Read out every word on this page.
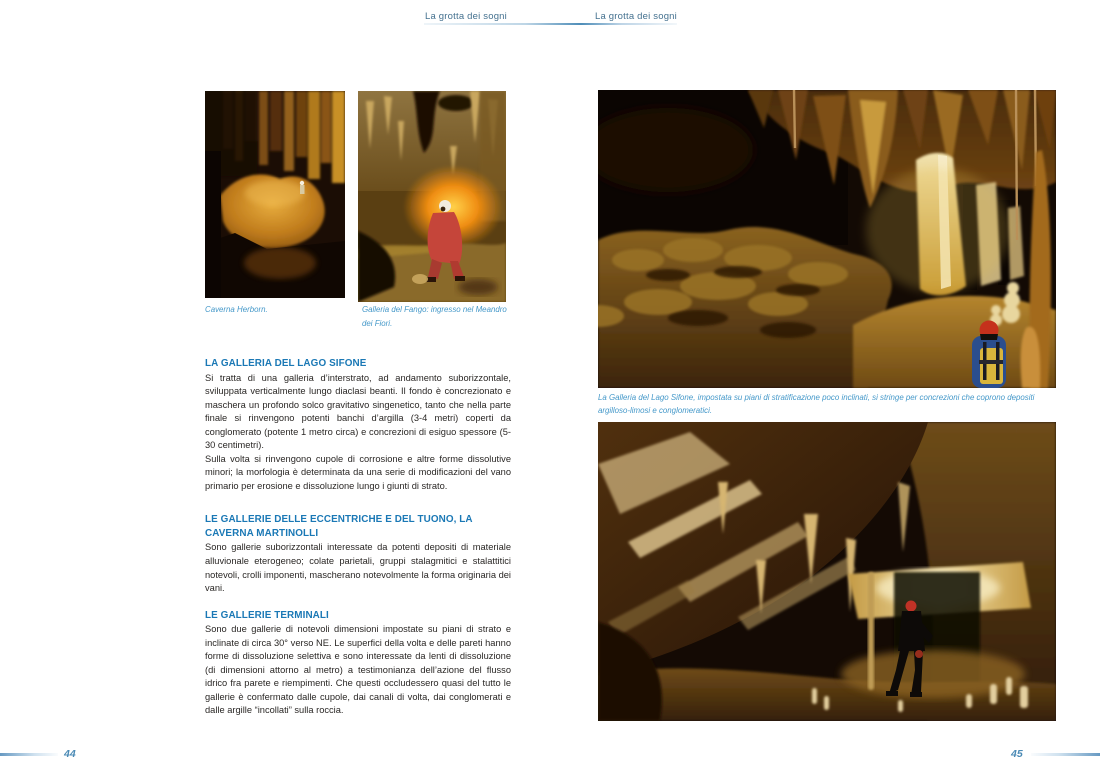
La grotta dei sogni	La grotta dei sogni
Caverna Herborn.	Galleria del Fango: ingresso nel Meandro dei Fiori.
LA GALLERIA DEL LAGO SIFONE

Si tratta di una galleria d’interstrato, ad andamento suborizzontale, sviluppata verticalmente lungo diaclasi beanti. Il fondo è concrezionato e maschera un profondo solco gravitativo singenetico, tanto che nella parte finale si rinvengono potenti banchi d’argilla (3-4 metri) coperti da conglomerato (potente 1 metro circa) e concrezioni di esiguo spessore (5-30 centimetri).

Sulla volta si rinvengono cupole di corrosione e altre forme dissolutive minori; la morfologia è determinata da una serie di modificazioni del vano primario per erosione e dissoluzione lungo i giunti di strato.

LE GALLERIE DELLE ECCENTRICHE E DEL TUONO, LA CAVERNA MARTINOLLI

Sono gallerie suborizzontali interessate da potenti depositi di materiale alluvionale eterogeneo; colate parietali, gruppi stalagmitici e stalattitici notevoli, crolli imponenti, mascherano notevolmente la forma originaria dei vani.

LE GALLERIE TERMINALI

Sono due gallerie di notevoli dimensioni impostate su piani di strato e inclinate di circa 30° verso NE. Le superfici della volta e delle pareti hanno forme di dissoluzione selettiva e sono interessate da lenti di dissoluzione (di dimensioni attorno al metro) a testimonianza dell’azione del flusso idrico fra parete e riempimenti. Che questi occludessero quasi del tutto le gallerie è confermato dalle cupole, dai canali di volta, dai conglomerati e dalle argille “incollati” sulla roccia.

La Galleria del Lago Sifone, impostata su piani di stratificazione poco inclinati, si stringe per concrezioni che coprono depositi argilloso-limosi e conglomeratici.
44	45
